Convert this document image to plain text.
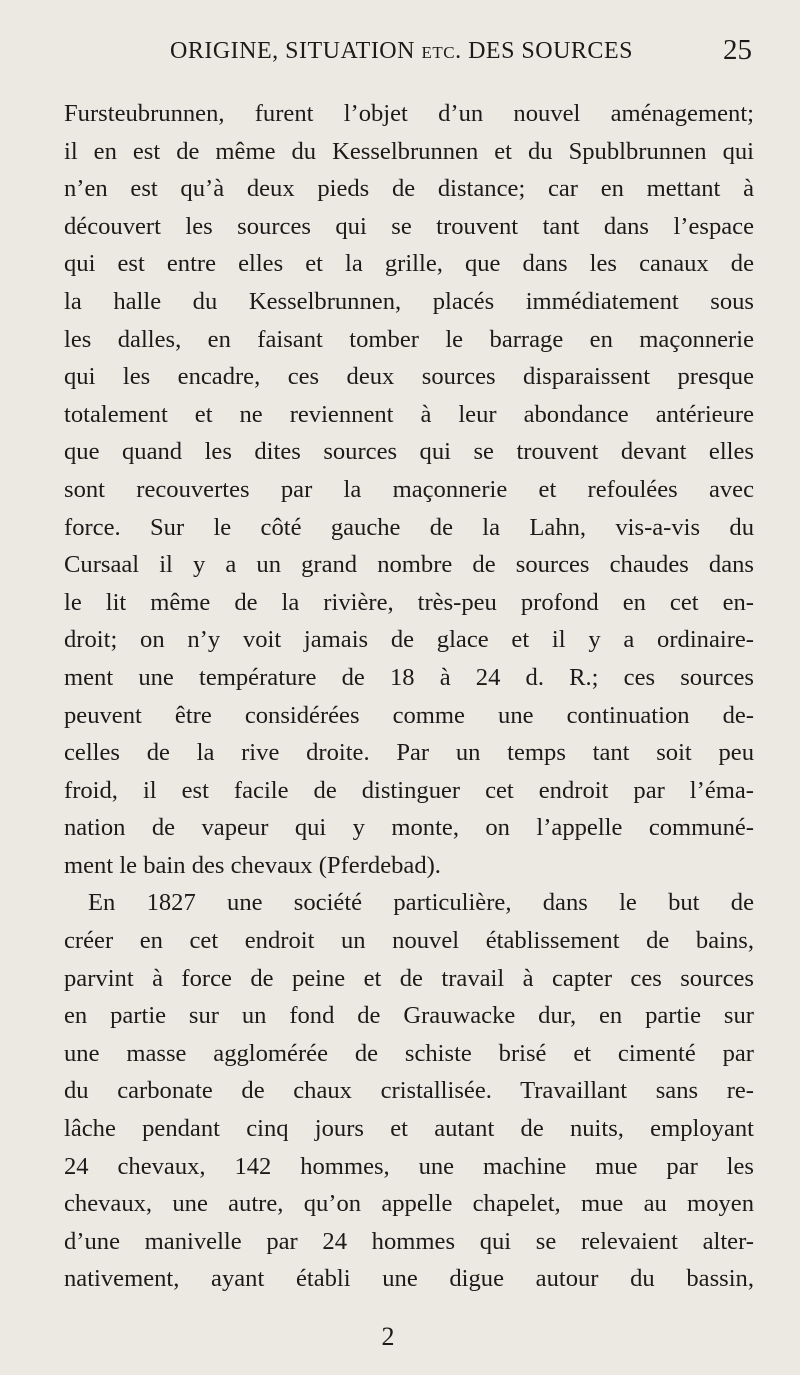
ORIGINE, SITUATION etc. DES SOURCES	25
Fursteubrunnen, furent l’objet d’un nouvel aménagement;
il en est de même du Kesselbrunnen et du Spublbrunnen qui
n’en est qu’à deux pieds de distance; car en mettant à
découvert les sources qui se trouvent tant dans l’espace
qui est entre elles et la grille, que dans les canaux de
la halle du Kesselbrunnen, placés immédiatement sous
les dalles, en faisant tomber le barrage en maçonnerie
qui les encadre, ces deux sources disparaissent presque
totalement et ne reviennent à leur abondance antérieure
que quand les dites sources qui se trouvent devant elles
sont recouvertes par la maçonnerie et refoulées avec
force. Sur le côté gauche de la Lahn, vis-a-vis du
Cursaal il y a un grand nombre de sources chaudes dans
le lit même de la rivière, très-peu profond en cet en-
droit; on n’y voit jamais de glace et il y a ordinaire-
ment une température de 18 à 24 d. R.; ces sources
peuvent être considérées comme une continuation de-
celles de la rive droite. Par un temps tant soit peu
froid, il est facile de distinguer cet endroit par l’éma-
nation de vapeur qui y monte, on l’appelle communé-
ment le bain des chevaux (Pferdebad).
En 1827 une société particulière, dans le but de
créer en cet endroit un nouvel établissement de bains,
parvint à force de peine et de travail à capter ces sources
en partie sur un fond de Grauwacke dur, en partie sur
une masse agglomérée de schiste brisé et cimenté par
du carbonate de chaux cristallisée. Travaillant sans re-
lâche pendant cinq jours et autant de nuits, employant
24 chevaux, 142 hommes, une machine mue par les
chevaux, une autre, qu’on appelle chapelet, mue au moyen
d’une manivelle par 24 hommes qui se relevaient alter-
nativement, ayant établi une digue autour du bassin,
2
